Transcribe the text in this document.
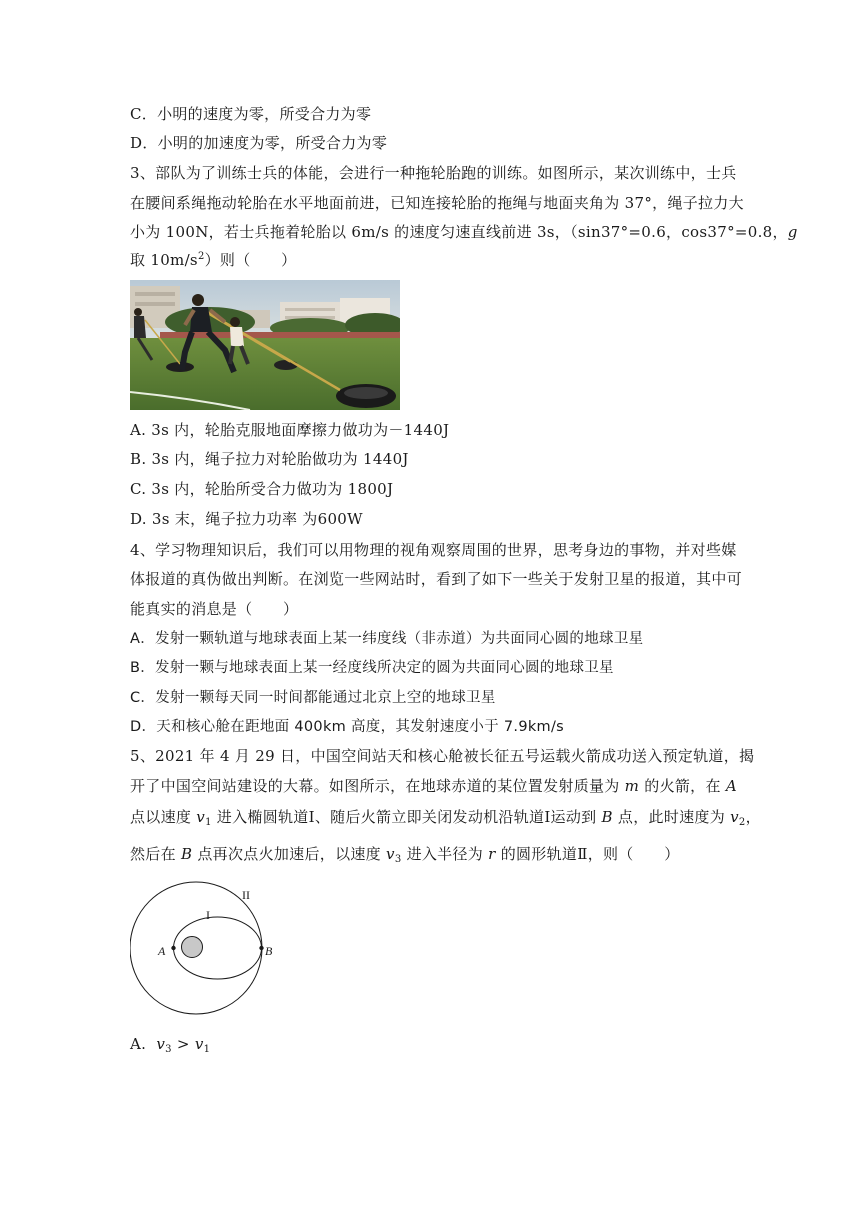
C．小明的速度为零，所受合力为零
D．小明的加速度为零，所受合力为零
3、部队为了训练士兵的体能，会进行一种拖轮胎跑的训练。如图所示，某次训练中，士兵
在腰间系绳拖动轮胎在水平地面前进，已知连接轮胎的拖绳与地面夹角为 37°，绳子拉力大
小为 100N，若士兵拖着轮胎以 6m/s 的速度匀速直线前进 3s，（sin37°=0.6，cos37°=0.8，g
取 $10m/s^2$）则（　　）
A. 3s 内，轮胎克服地面摩擦力做功为－1440J
B. 3s 内，绳子拉力对轮胎做功为 1440J
C. 3s 内，轮胎所受合力做功为 1800J
D. 3s 末，绳子拉力功率 为600W
4、学习物理知识后，我们可以用物理的视角观察周围的世界，思考身边的事物，并对些媒
体报道的真伪做出判断。在浏览一些网站时，看到了如下一些关于发射卫星的报道，其中可
能真实的消息是（　　）
A．发射一颗轨道与地球表面上某一纬度线（非赤道）为共面同心圆的地球卫星
B．发射一颗与地球表面上某一经度线所决定的圆为共面同心圆的地球卫星
C．发射一颗每天同一时间都能通过北京上空的地球卫星
D．天和核心舱在距地面 400km 高度，其发射速度小于 7.9km/s
5、2021 年 4 月 29 日，中国空间站天和核心舱被长征五号运载火箭成功送入预定轨道，揭
开了中国空间站建设的大幕。如图所示，在地球赤道的某位置发射质量为 m 的火箭，在 A
点以速度 $v_1$ 进入椭圆轨道Ⅰ、随后火箭立即关闭发动机沿轨道Ⅰ运动到 B 点，此时速度为 $v_2$，
然后在 B 点再次点火加速后，以速度 $v_3$ 进入半径为 r 的圆形轨道Ⅱ，则（　　）
II
I
A	B
A. $v_3 > v_1$
